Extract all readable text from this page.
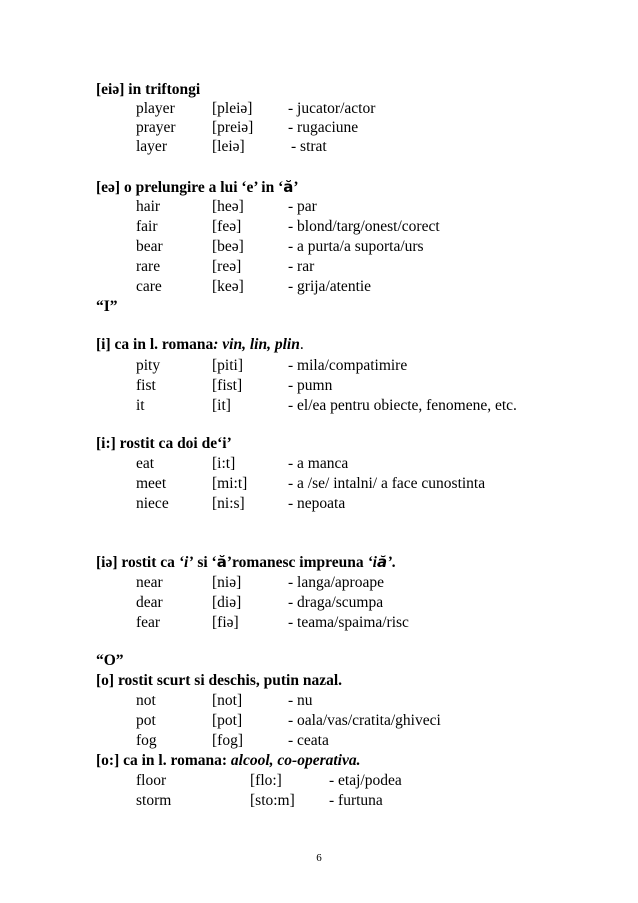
[eiə] in triftongi
player [pleiə] - jucator/actor
prayer [preiə] - rugaciune
layer	[leiə]	- strat
[eə] o prelungire a lui ‘e’ in ‘ă’
hair	[heə]	- par
fair	[feə]	- blond/targ/onest/corect
bear	[beə]	- a purta/a suporta/urs
rare	[reə]	- rar
care	[keə]	- grija/atentie
“I”
[i] ca in l. romana: vin, lin, plin.
pity	[piti]	- mila/compatimire
fist	[fist]	- pumn
it	[it]	- el/ea pentru obiecte, fenomene, etc.
[i:] rostit ca doi de‘i’
eat	[i:t]	- a manca
meet	[mi:t]	- a /se/ intalni/ a face cunostinta
niece	[ni:s]	- nepoata
[iə] rostit ca ‘i’ si ‘ă’romanesc impreuna ‘iă’.
near	[niə]	- langa/aproape
dear	[diə]	- draga/scumpa
fear	[fiə]	- teama/spaima/risc
“O”
[o] rostit scurt si deschis, putin nazal.
not	[not]	- nu
pot	[pot]	- oala/vas/cratita/ghiveci
fog	[fog]	- ceata
[o:] ca in l. romana: alcool, co-operativa.
floor	[flo:]	- etaj/podea
storm	[sto:m] - furtuna
6
